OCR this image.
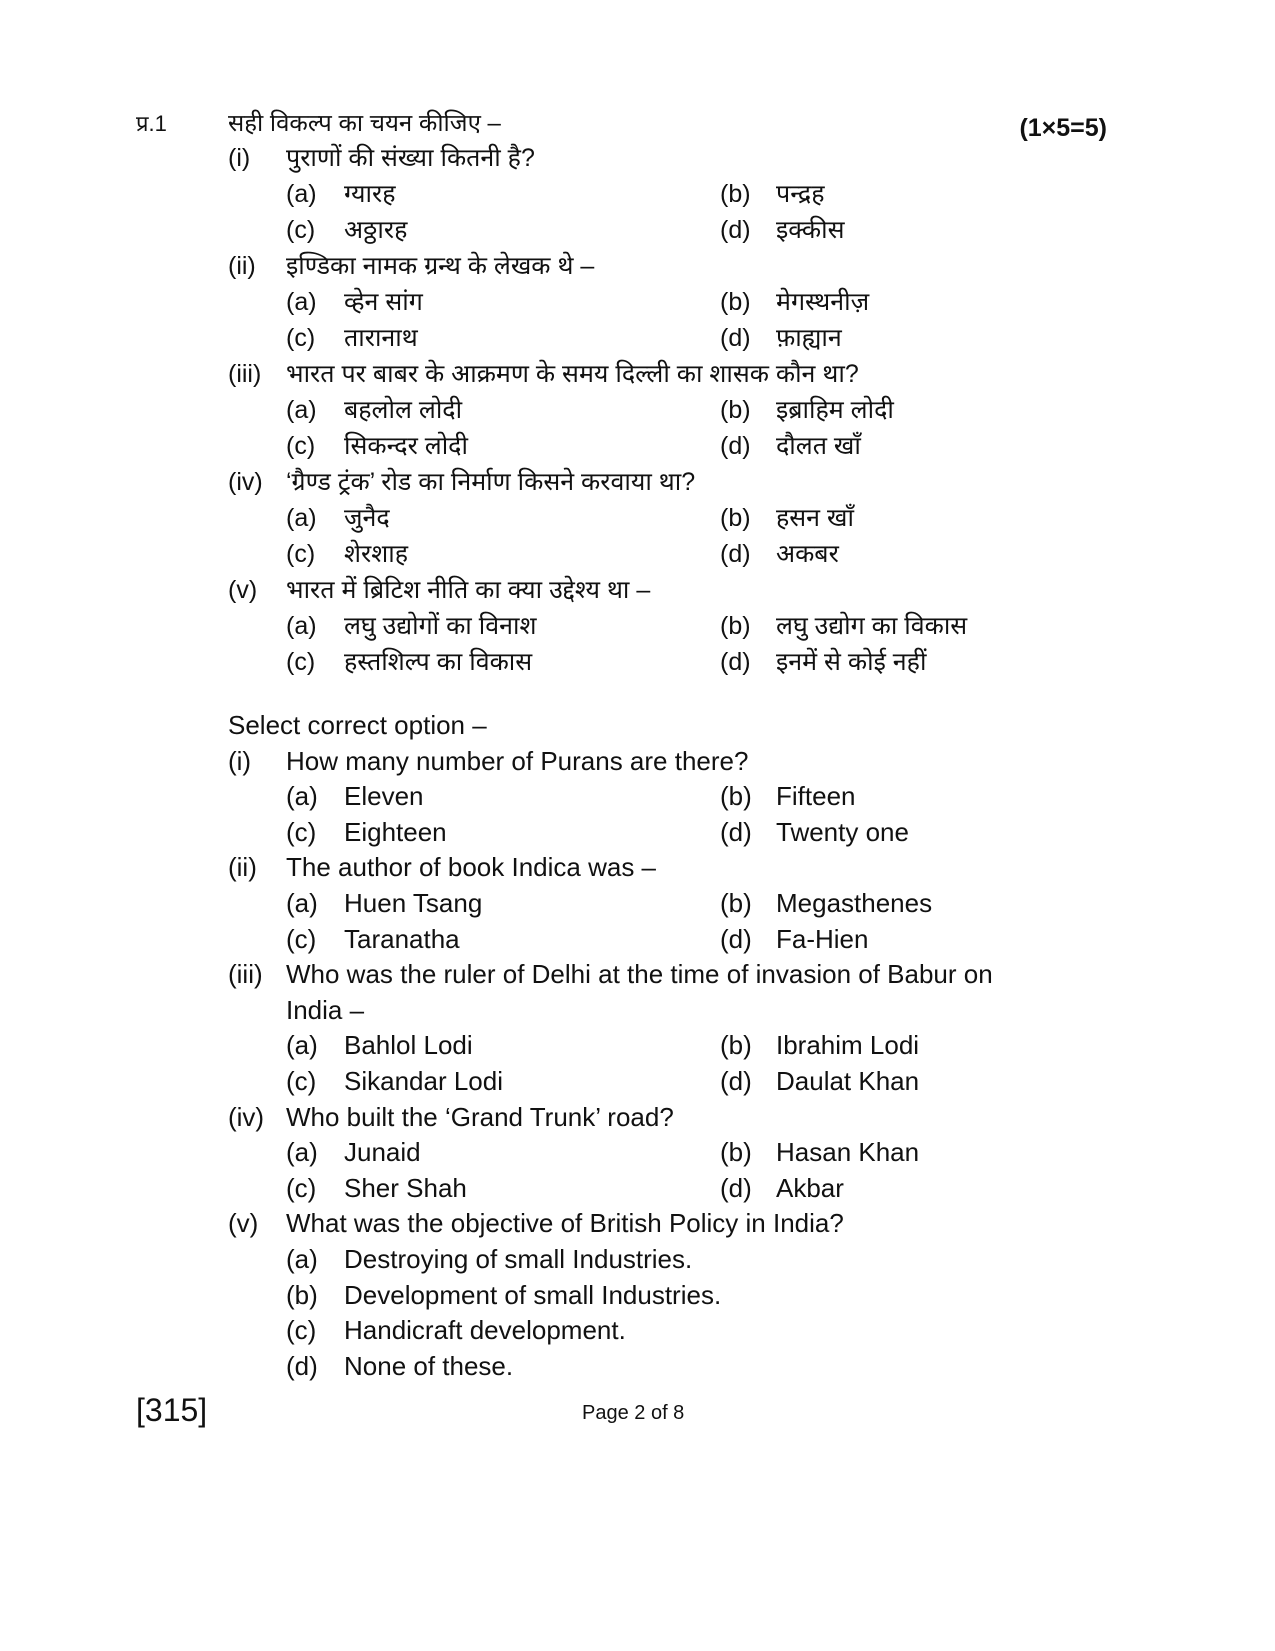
प्र.1	सही विकल्प का चयन कीजिए –	(1×5=5)
(i) पुराणों की संख्या कितनी है?
(a) ग्यारह	(b) पन्द्रह
(c) अठ्ठारह	(d) इक्कीस
(ii) इण्डिका नामक ग्रन्थ के लेखक थे –
(a) व्हेन सांग	(b) मेगस्थनीज़
(c) तारानाथ	(d) फ़ाह्यान
(iii) भारत पर बाबर के आक्रमण के समय दिल्ली का शासक कौन था?
(a) बहलोल लोदी	(b) इब्राहिम लोदी
(c) सिकन्दर लोदी	(d) दौलत खाँ
(iv) ‘ग्रैण्ड ट्रंक’ रोड का निर्माण किसने करवाया था?
(a) जुनैद	(b) हसन खाँ
(c) शेरशाह	(d) अकबर
(v) भारत में ब्रिटिश नीति का क्या उद्देश्य था –
(a) लघु उद्योगों का विनाश	(b) लघु उद्योग का विकास
(c) हस्तशिल्प का विकास	(d) इनमें से कोई नहीं
Select correct option –
(i) How many number of Purans are there?
(a) Eleven	(b) Fifteen
(c) Eighteen	(d) Twenty one
(ii) The author of book Indica was –
(a) Huen Tsang	(b) Megasthenes
(c) Taranatha	(d) Fa-Hien
(iii) Who was the ruler of Delhi at the time of invasion of Babur on India –
(a) Bahlol Lodi	(b) Ibrahim Lodi
(c) Sikandar Lodi	(d) Daulat Khan
(iv) Who built the ‘Grand Trunk’ road?
(a) Junaid	(b) Hasan Khan
(c) Sher Shah	(d) Akbar
(v) What was the objective of British Policy in India?
(a) Destroying of small Industries.
(b) Development of small Industries.
(c) Handicraft development.
(d) None of these.
[315]	Page 2 of 8
